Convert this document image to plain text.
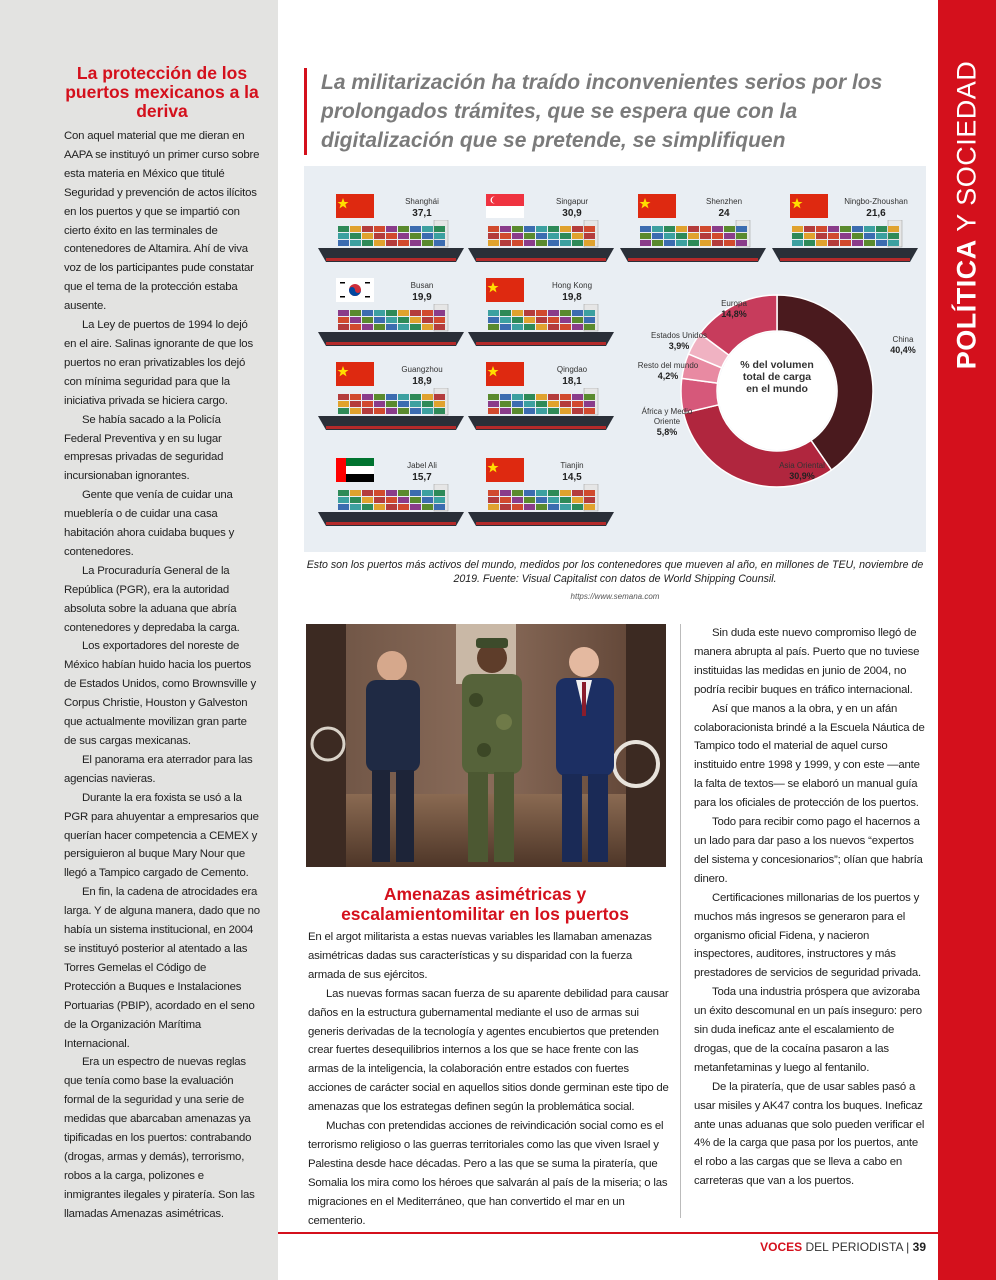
La protección de los puertos mexicanos a la deriva

Con aquel material que me dieran en AAPA se instituyó un primer curso sobre esta materia en México que titulé Seguridad y prevención de actos ilícitos en los puertos y que se impartió con cierto éxito en las terminales de contenedores de Altamira. Ahí de viva voz de los participantes pude constatar que el tema de la protección estaba ausente.

La Ley de puertos de 1994 lo dejó en el aire. Salinas ignorante de que los puertos no eran privatizables los dejó con mínima seguridad para que la iniciativa privada se hiciera cargo.

Se había sacado a la Policía Federal Preventiva y en su lugar empresas privadas de seguridad incursionaban ignorantes.

Gente que venía de cuidar una mueblería o de cuidar una casa habitación ahora cuidaba buques y contenedores.

La Procuraduría General de la República (PGR), era la autoridad absoluta sobre la aduana que abría contenedores y depredaba la carga.

Los exportadores del noreste de México habían huido hacia los puertos de Estados Unidos, como Brownsville y Corpus Christie, Houston y Galveston que actualmente movilizan gran parte de sus cargas mexicanas.

El panorama era aterrador para las agencias navieras.

Durante la era foxista se usó a la PGR para ahuyentar a empresarios que querían hacer competencia a CEMEX y persiguieron al buque Mary Nour que llegó a Tampico cargado de Cemento.

En fin, la cadena de atrocidades era larga. Y de alguna manera, dado que no había un sistema institucional, en 2004 se instituyó posterior al atentado a las Torres Gemelas el Código de Protección a Buques e Instalaciones Portuarias (PBIP), acordado en el seno de la Organización Marítima Internacional.

Era un espectro de nuevas reglas que tenía como base la evaluación formal de la seguridad y una serie de medidas que abarcaban amenazas ya tipificadas en los puertos: contrabando (drogas, armas y demás), terrorismo, robos a la carga, polizones e inmigrantes ilegales y piratería. Son las llamadas Amenazas asimétricas.

POLÍTICA Y SOCIEDAD

La militarización ha traído inconvenientes serios por los prolongados trámites, que se espera que con la digitalización que se pretende, se simplifiquen

Shanghái
37,1
Singapur
30,9
Shenzhen
24
Ningbo-Zhoushan
21,6
Busan
19,9
Hong Kong
19,8
Guangzhou
18,9
Qingdao
18,1
Jabel Ali
15,7
Tianjin
14,5
% del volumen total de carga en el mundo
China
40,4%
Asia Oriental
30,9%
África y Medio Oriente
5,8%
Resto del mundo
4,2%
Estados Unidos
3,9%
Europa
14,8%

Esto son los puertos más activos del mundo, medidos por los contenedores que mueven al año, en millones de TEU, noviembre de 2019. Fuente: Visual Capitalist con datos de World Shipping Counsil.

https://www.semana.com

Amenazas asimétricas y escalamientomilitar en los puertos

En el argot militarista a estas nuevas variables les llamaban amenazas asimétricas dadas sus características y su disparidad con la fuerza armada de sus ejércitos.

Las nuevas formas sacan fuerza de su aparente debilidad para causar daños en la estructura gubernamental mediante el uso de armas sui generis derivadas de la tecnología y agentes encubiertos que pretenden crear fuertes desequilibrios internos a los que se hace frente con las armas de la inteligencia, la colaboración entre estados con fuertes acciones de carácter social en aquellos sitios donde germinan este tipo de amenazas que los estrategas definen según la problemática social.

Muchas con pretendidas acciones de reivindicación social como es el terrorismo religioso o las guerras territoriales como las que viven Israel y Palestina desde hace décadas. Pero a las que se suma la piratería, que Somalia los mira como los héroes que salvarán al país de la miseria; o las migraciones en el Mediterráneo, que han convertido el mar en un cementerio.

Sin duda este nuevo compromiso llegó de manera abrupta al país. Puerto que no tuviese instituidas las medidas en junio de 2004, no podría recibir buques en tráfico internacional.

Así que manos a la obra, y en un afán colaboracionista brindé a la Escuela Náutica de Tampico todo el material de aquel curso instituido entre 1998 y 1999, y con este —ante la falta de textos— se elaboró un manual guía para los oficiales de protección de los puertos.

Todo para recibir como pago el hacernos a un lado para dar paso a los nuevos “expertos del sistema y concesionarios”; olían que habría dinero.

Certificaciones millonarias de los puertos y muchos más ingresos se generaron para el organismo oficial Fidena, y nacieron inspectores, auditores, instructores y más prestadores de servicios de seguridad privada.

Toda una industria próspera que avizoraba un éxito descomunal en un país inseguro: pero sin duda ineficaz ante el escalamiento de drogas, que de la cocaína pasaron a las metanfetaminas y luego al fentanilo.

De la piratería, que de usar sables pasó a usar misiles y AK47 contra los buques. Ineficaz ante unas aduanas que solo pueden verificar el 4% de la carga que pasa por los puertos, ante el robo a las cargas que se lleva a cabo en carreteras que van a los puertos.

VOCES DEL PERIODISTA | 39
